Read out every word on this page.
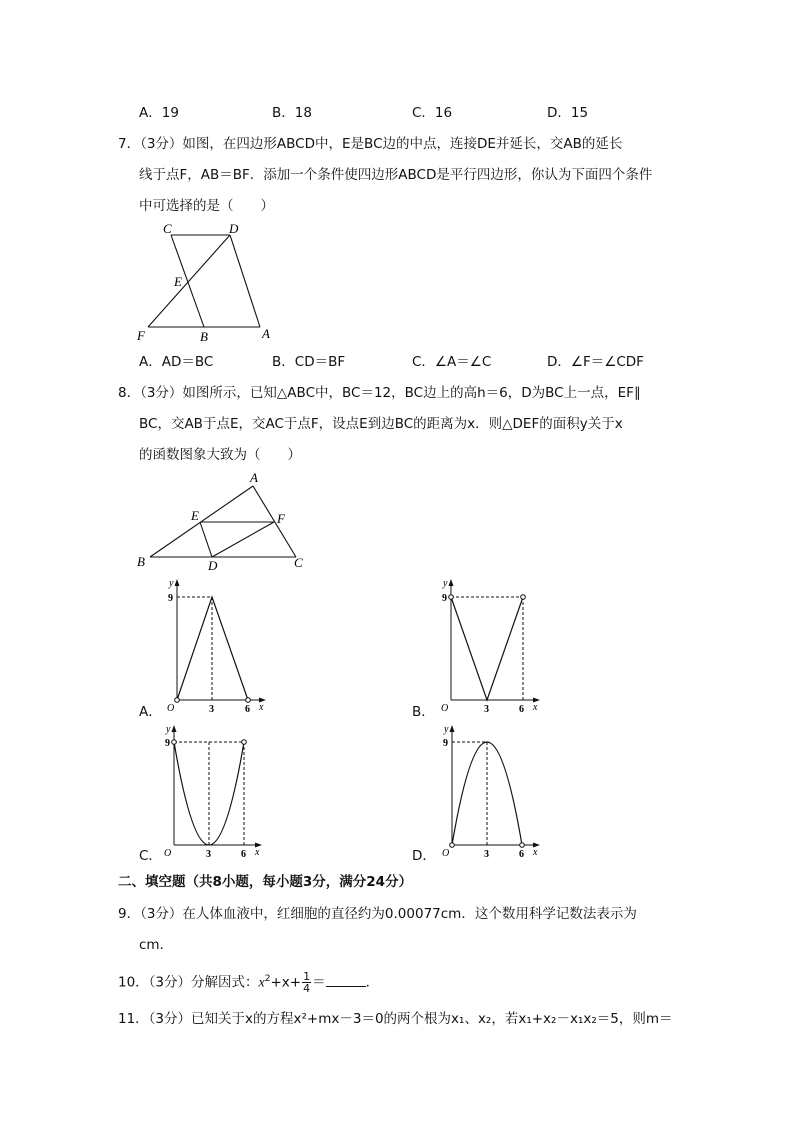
A．19	B．18	C．16	D．15
7．（3分）如图，在四边形ABCD中，E是BC边的中点，连接DE并延长，交AB的延长
线于点F，AB＝BF．添加一个条件使四边形ABCD是平行四边形，你认为下面四个条件
中可选择的是（　　）
C	D
E
F	B	A
A．AD＝BC	B．CD＝BF	C．∠A＝∠C	D．∠F＝∠CDF
8．（3分）如图所示，已知△ABC中，BC＝12，BC边上的高h＝6，D为BC上一点，EF∥
BC，交AB于点E，交AC于点F，设点E到边BC的距离为x．则△DEF的面积y关于x
的函数图象大致为（　　）
A
B	C
D
E	F
y
9
O	3	6 x
A．
y
9
O	3	6 x
B．
y
9
O	3	6 x
C．
y
9
O	3	6 x
D．
二、填空题（共8小题，每小题3分，满分24分）
9．（3分）在人体血液中，红细胞的直径约为0.00077cm．这个数用科学记数法表示为
cm．
10．（3分）分解因式：$x^2+x+ \frac{1}{4}$ ＝	．
11．（3分）已知关于x的方程x²+mx－3＝0的两个根为x₁、x₂，若x₁+x₂－x₁x₂＝5，则m＝
